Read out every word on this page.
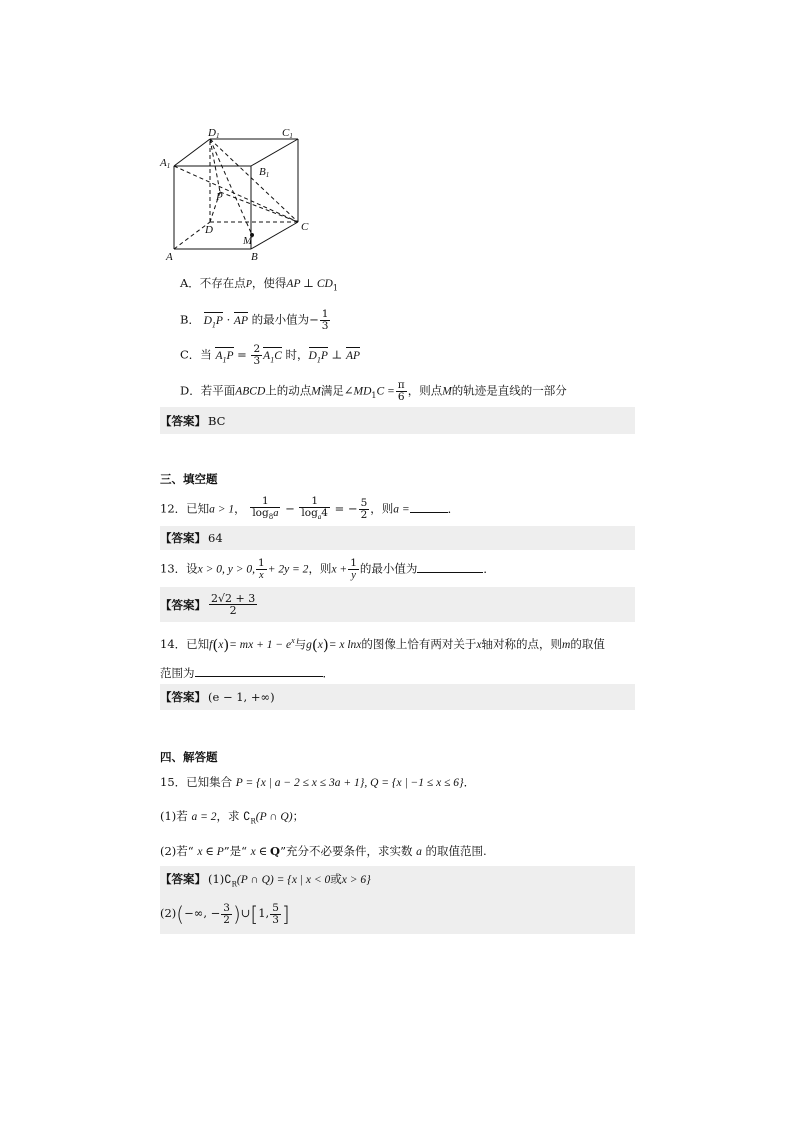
D1	C1
A1	B1
P
D
M
C
A	B
A．不存在点P，使得AP ⊥ $CD_1$
B． $D_1P$ · AP 的最小值为− $\frac{1}{3}$
C．当 $A_1P = \frac{2}{3} A_1C$ 时，$D_1P$ ⊥ AP
D．若平面ABCD上的动点M满足$\angle MD_1C = \frac{\pi}{6}$ ，则点M的轨迹是直线的一部分
【答案】 BC
三、填空题
12．已知a > 1， $\frac{1}{\log_8a} - \frac{1}{\log_a4}$ = − $\frac{5}{2}$ ，则a =	．
【答案】 64
13．设x > 0, y > 0, $\frac{1}{x}+ 2y = 2$，则$x + \frac{1}{y}$的最小值为	．
【答案】 $\frac{2√2 + 3}{2}$
14．已知f(x)= mx + $1 - e^x$与g(x)= x lnx的图像上恰有两对关于x轴对称的点，则m的取值
范围为	．
【答案】 (e − 1, +∞)
四、解答题
15．已知集合 P = {x | a − 2 ≤ x ≤ 3a + 1}, Q = {x | −1 ≤ x ≤ 6}．
(1)若 a = 2，求 $∁_R(P$ ∩ Q)；
(2)若“ x ∈ P”是“ x ∈ Q”充分不必要条件，求实数 a 的取值范围.
【答案】 $(1)∁_R(P$ ∩ Q) = {x | x < 0或x > 6}
(2)(−∞, − $\frac{3}{2}$ )∪[1, $\frac{5}{3}$ ]
